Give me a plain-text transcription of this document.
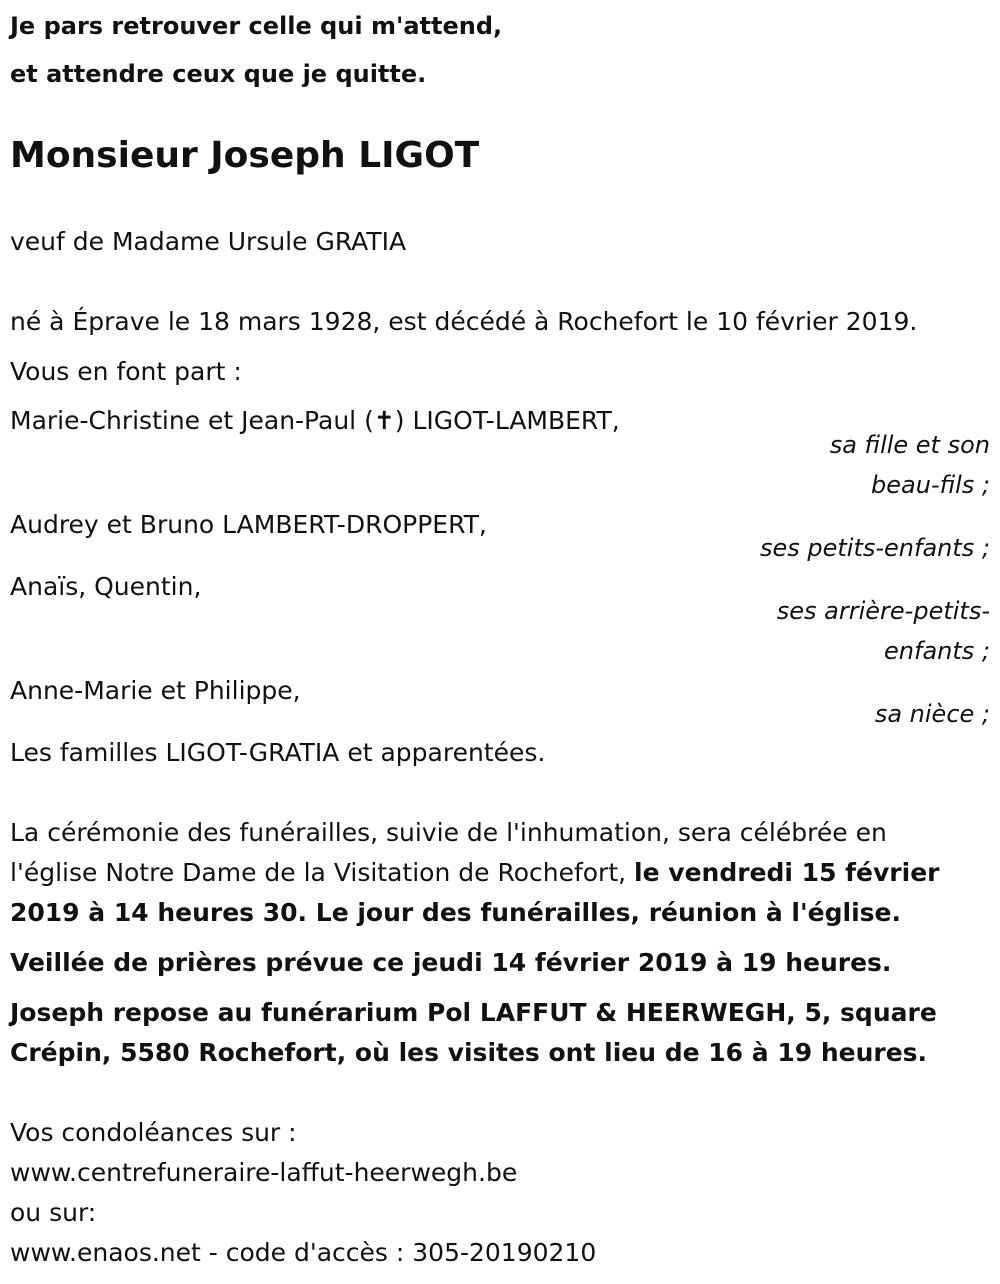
Je pars retrouver celle qui m'attend,

et attendre ceux que je quitte.

Monsieur Joseph LIGOT

veuf de Madame Ursule GRATIA

né à Éprave le 18 mars 1928, est décédé à Rochefort le 10 février 2019.

Vous en font part :

Marie-Christine et Jean-Paul (✝) LIGOT-LAMBERT,

sa fille et son

beau-fils ;

Audrey et Bruno LAMBERT-DROPPERT,

ses petits-enfants ;

Anaïs, Quentin,

ses arrière-petits-

enfants ;

Anne-Marie et Philippe,

sa nièce ;

Les familles LIGOT-GRATIA et apparentées.

La cérémonie des funérailles, suivie de l'inhumation, sera célébrée en

l'église Notre Dame de la Visitation de Rochefort, le vendredi 15 février

2019 à 14 heures 30. Le jour des funérailles, réunion à l'église.

Veillée de prières prévue ce jeudi 14 février 2019 à 19 heures.

Joseph repose au funérarium Pol LAFFUT & HEERWEGH, 5, square

Crépin, 5580 Rochefort, où les visites ont lieu de 16 à 19 heures.

Vos condoléances sur :

www.centrefuneraire-laffut-heerwegh.be

ou sur:

www.enaos.net - code d'accès : 305-20190210
